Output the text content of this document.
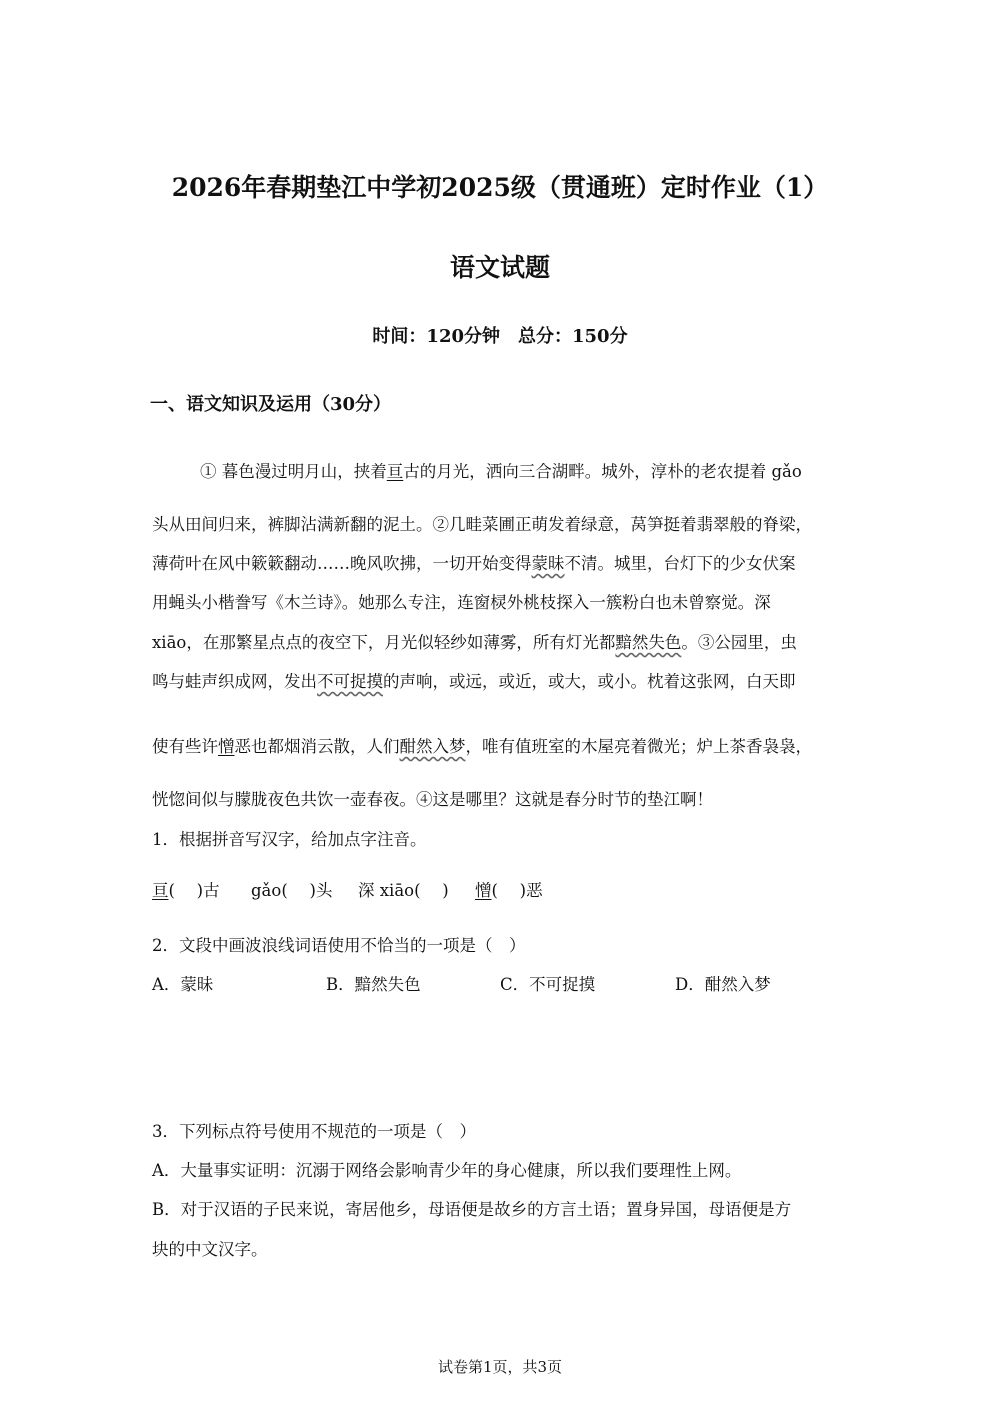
2026年春期垫江中学初2025级（贯通班）定时作业（1）
语文试题
时间：120分钟　总分：150分
一、语文知识及运用（30分）
① 暮色漫过明月山，挟着亘古的月光，洒向三合湖畔。城外，淳朴的老农提着 gǎo
头从田间归来，裤脚沾满新翻的泥土。②几畦菜圃正萌发着绿意，莴笋挺着翡翠般的脊梁，
薄荷叶在风中簌簌翻动……晚风吹拂，一切开始变得蒙昧不清。城里，台灯下的少女伏案
用蝇头小楷誊写《木兰诗》。她那么专注，连窗棂外桃枝探入一簇粉白也未曾察觉。深
xiāo，在那繁星点点的夜空下，月光似轻纱如薄雾，所有灯光都黯然失色。③公园里，虫
鸣与蛙声织成网，发出不可捉摸的声响，或远，或近，或大，或小。枕着这张网，白天即
使有些许憎恶也都烟消云散，人们酣然入梦，唯有值班室的木屋亮着微光；炉上茶香袅袅，
恍惚间似与朦胧夜色共饮一壶春夜。④这是哪里？这就是春分时节的垫江啊！
1．根据拼音写汉字，给加点字注音。
亘(　 )古 gǎo(　 )头 深 xiāo(　 ) 憎(　 )恶
2．文段中画波浪线词语使用不恰当的一项是（　）
A．蒙昧	B．黯然失色	C．不可捉摸	D．酣然入梦
3．下列标点符号使用不规范的一项是（　）
A．大量事实证明：沉溺于网络会影响青少年的身心健康，所以我们要理性上网。
B．对于汉语的子民来说，寄居他乡，母语便是故乡的方言土语；置身异国，母语便是方
块的中文汉字。
试卷第1页，共3页
